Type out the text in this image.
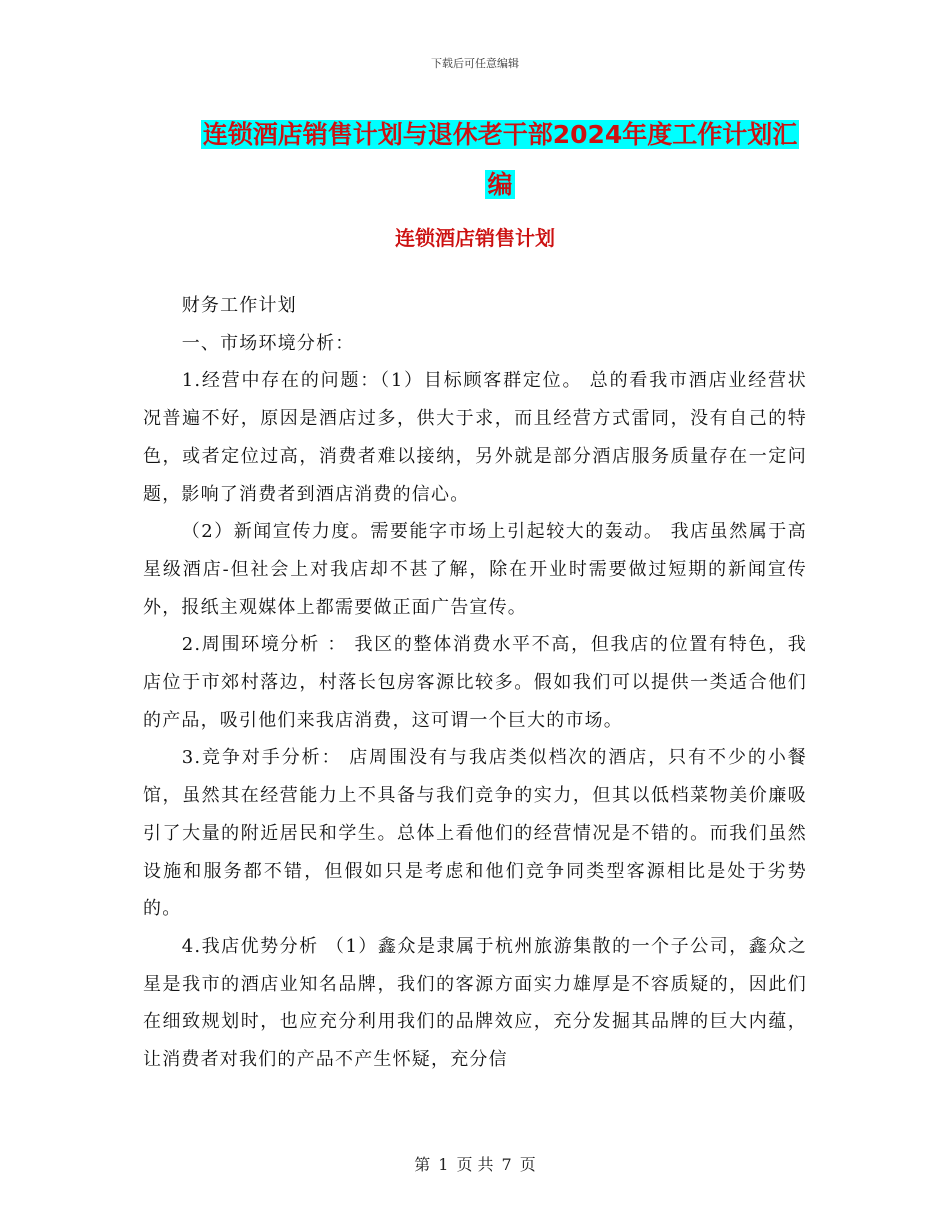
下载后可任意编辑
连锁酒店销售计划与退休老干部2024年度工作计划汇
编
连锁酒店销售计划

财务工作计划

一、市场环境分析：

1.经营中存在的问题：（1）目标顾客群定位。 总的看我市酒店业经营状况普遍不好，原因是酒店过多，供大于求，而且经营方式雷同，没有自己的特色，或者定位过高，消费者难以接纳，另外就是部分酒店服务质量存在一定问题，影响了消费者到酒店消费的信心。

（2）新闻宣传力度。需要能字市场上引起较大的轰动。 我店虽然属于高星级酒店-但社会上对我店却不甚了解，除在开业时需要做过短期的新闻宣传外，报纸主观媒体上都需要做正面广告宣传。

2.周围环境分析 ： 我区的整体消费水平不高，但我店的位置有特色，我店位于市郊村落边，村落长包房客源比较多。假如我们可以提供一类适合他们的产品，吸引他们来我店消费，这可谓一个巨大的市场。

3.竞争对手分析： 店周围没有与我店类似档次的酒店，只有不少的小餐馆，虽然其在经营能力上不具备与我们竞争的实力，但其以低档菜物美价廉吸引了大量的附近居民和学生。总体上看他们的经营情况是不错的。而我们虽然设施和服务都不错，但假如只是考虑和他们竞争同类型客源相比是处于劣势的。

4.我店优势分析 （1）鑫众是隶属于杭州旅游集散的一个子公司，鑫众之星是我市的酒店业知名品牌，我们的客源方面实力雄厚是不容质疑的，因此们在细致规划时，也应充分利用我们的品牌效应，充分发掘其品牌的巨大内蕴，让消费者对我们的产品不产生怀疑，充分信

第 1 页 共 7 页
